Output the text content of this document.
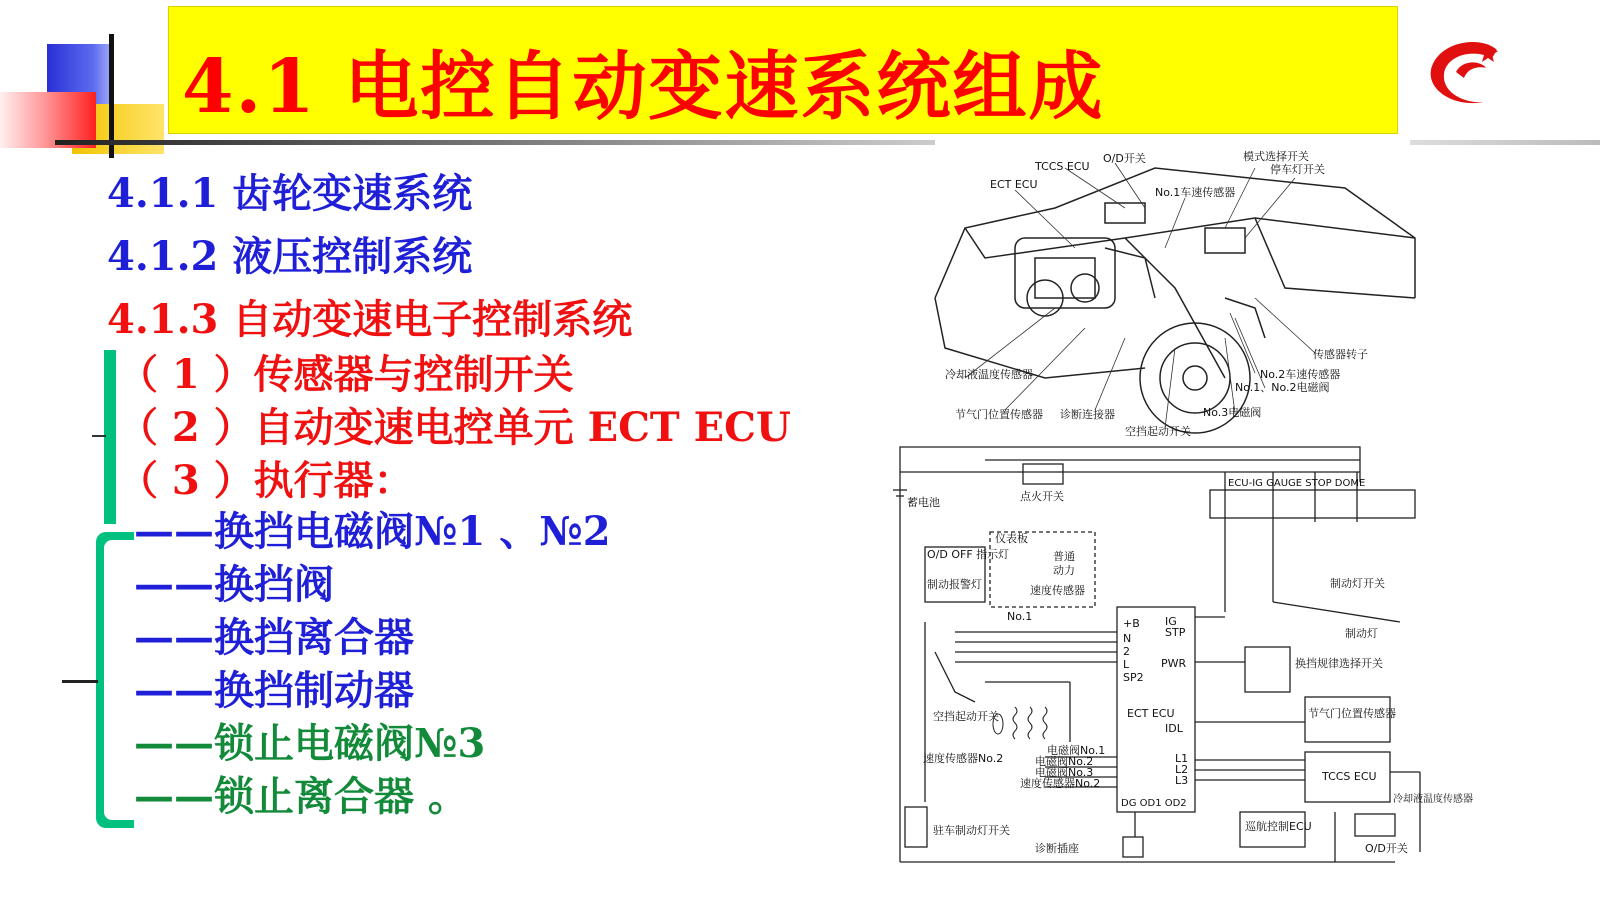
4.1 电控自动变速系统组成
4.1.1 齿轮变速系统
4.1.2 液压控制系统
4.1.3 自动变速电子控制系统
（ 1 ）传感器与控制开关
（ 2 ）自动变速电控单元 ECT ECU
（ 3 ）执行器：
——换挡电磁阀№1 、№2
——换挡阀
——换挡离合器
——换挡制动器
——锁止电磁阀№3
——锁止离合器 。
TCCS ECU
O/D开关	模式选择开关
停车灯开关
ECT ECU
No.1车速传感器
冷却液温度传感器
节气门位置传感器 诊断连接器
空挡起动开关
No.2车速传感器
No.1、No.2电磁阀
No.3电磁阀
传感器转子
蓄电池	点火开关
ECU-IG GAUGE STOP DOME
仪表板
O/D OFF 指示灯
制动报警灯
普通
动力
速度传感器
No.1
制动灯开关
制动灯
ECT ECU
+B
N
2
L
SP2
IG
STP
PWR
IDL
L1
L2
L3
换挡规律选择开关
节气门位置传感器
TCCS ECU
空挡起动开关
速度传感器No.2
电磁阀No.1
电磁阀No.2
电磁阀No.3
速度传感器No.2
驻车制动灯开关
诊断插座
巡航控制ECU
O/D开关
冷却液温度传感器
DG OD1 OD2
